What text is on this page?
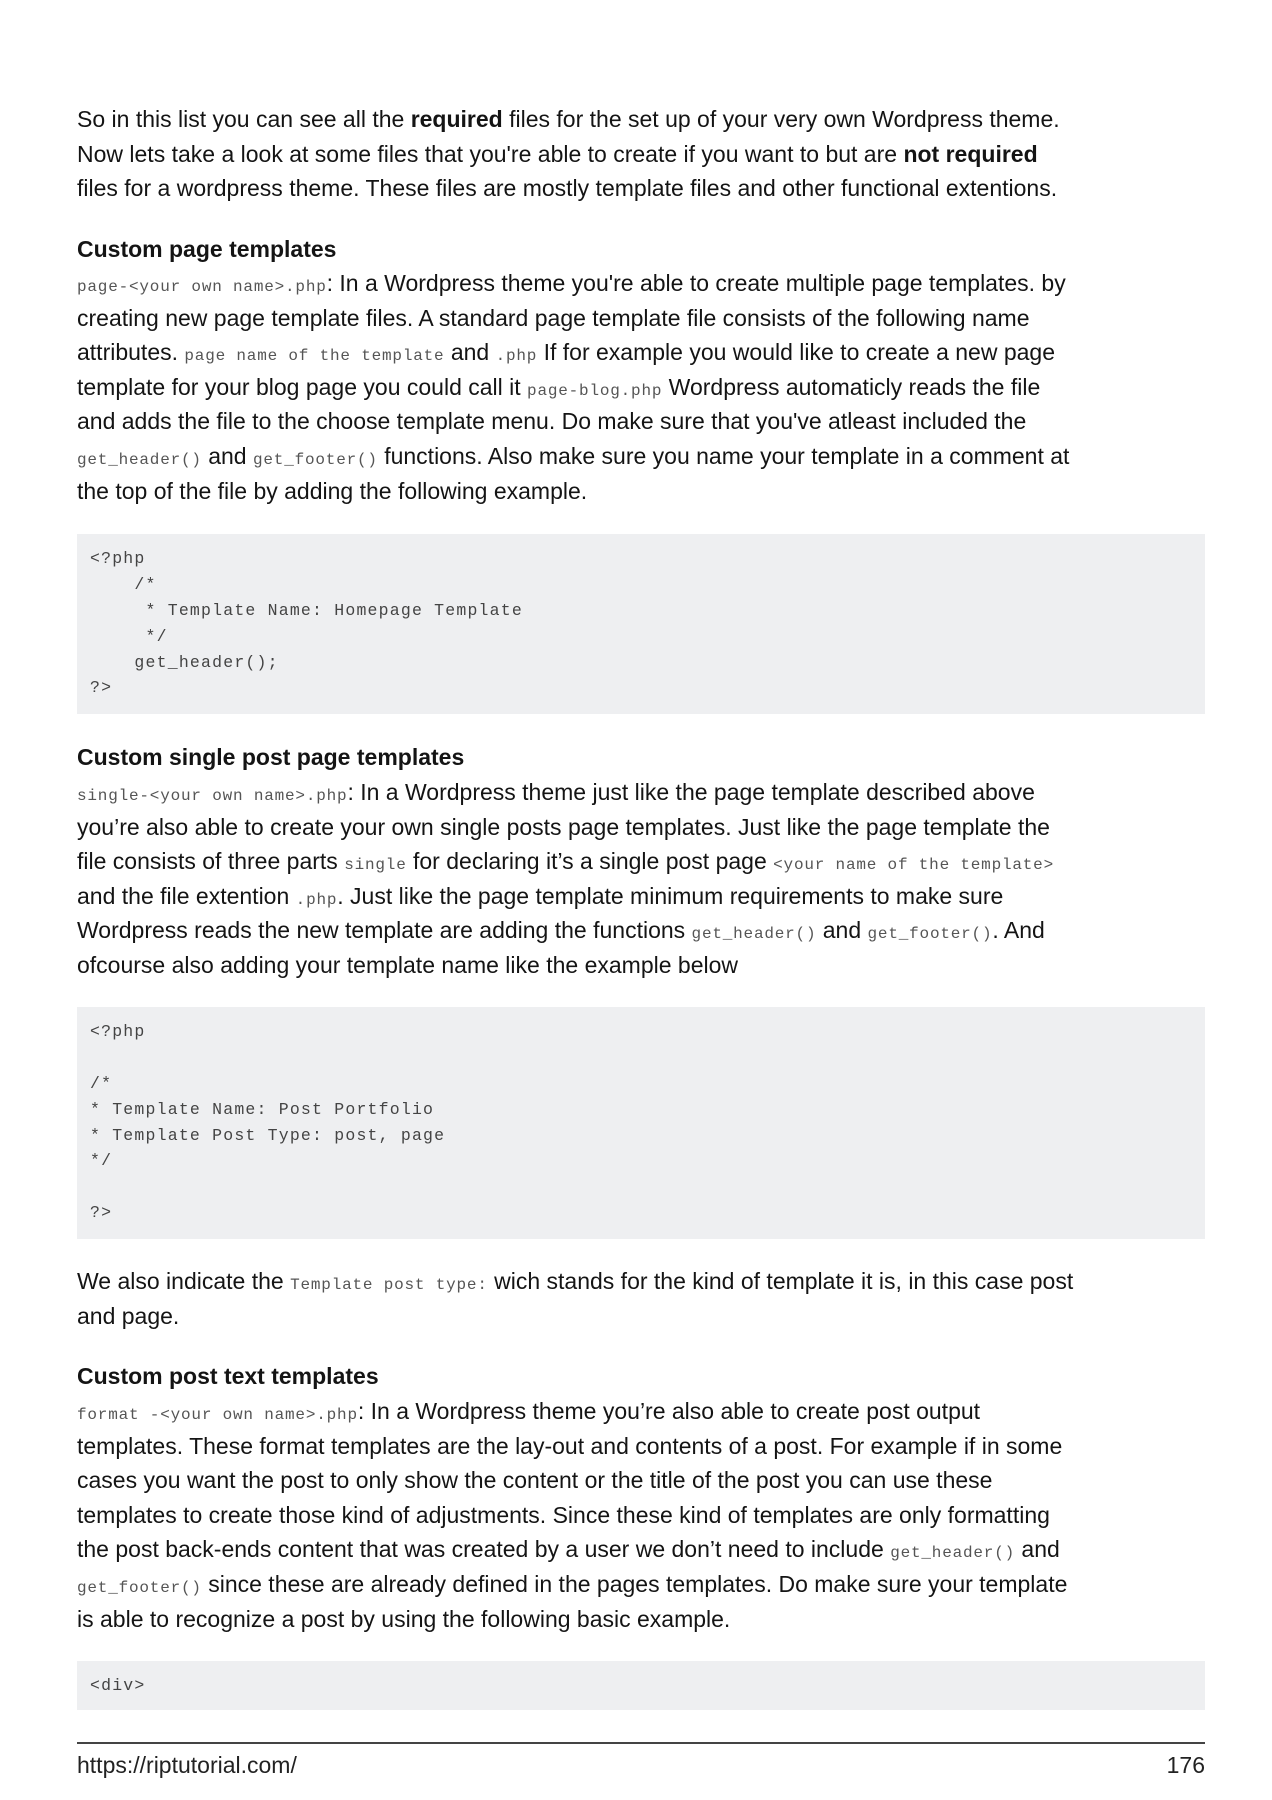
So in this list you can see all the required files for the set up of your very own Wordpress theme.
Now lets take a look at some files that you're able to create if you want to but are not required
files for a wordpress theme. These files are mostly template files and other functional extentions.
Custom page templates
page-<your own name>.php: In a Wordpress theme you're able to create multiple page templates. by
creating new page template files. A standard page template file consists of the following name
attributes. page name of the template and .php If for example you would like to create a new page
template for your blog page you could call it page-blog.php Wordpress automaticly reads the file
and adds the file to the choose template menu. Do make sure that you've atleast included the
get_header() and get_footer() functions. Also make sure you name your template in a comment at
the top of the file by adding the following example.
<?php
/*
* Template Name: Homepage Template
*/
get_header();
?>
Custom single post page templates
single-<your own name>.php: In a Wordpress theme just like the page template described above
you’re also able to create your own single posts page templates. Just like the page template the
file consists of three parts single for declaring it’s a single post page <your name of the template>
and the file extention .php. Just like the page template minimum requirements to make sure
Wordpress reads the new template are adding the functions get_header() and get_footer(). And
ofcourse also adding your template name like the example below
<?php
/*
* Template Name: Post Portfolio
* Template Post Type: post, page
*/
?>
We also indicate the Template post type: wich stands for the kind of template it is, in this case post
and page.
Custom post text templates
format -<your own name>.php: In a Wordpress theme you’re also able to create post output
templates. These format templates are the lay-out and contents of a post. For example if in some
cases you want the post to only show the content or the title of the post you can use these
templates to create those kind of adjustments. Since these kind of templates are only formatting
the post back-ends content that was created by a user we don’t need to include get_header() and
get_footer() since these are already defined in the pages templates. Do make sure your template
is able to recognize a post by using the following basic example.
<div>
https://riptutorial.com/	176
